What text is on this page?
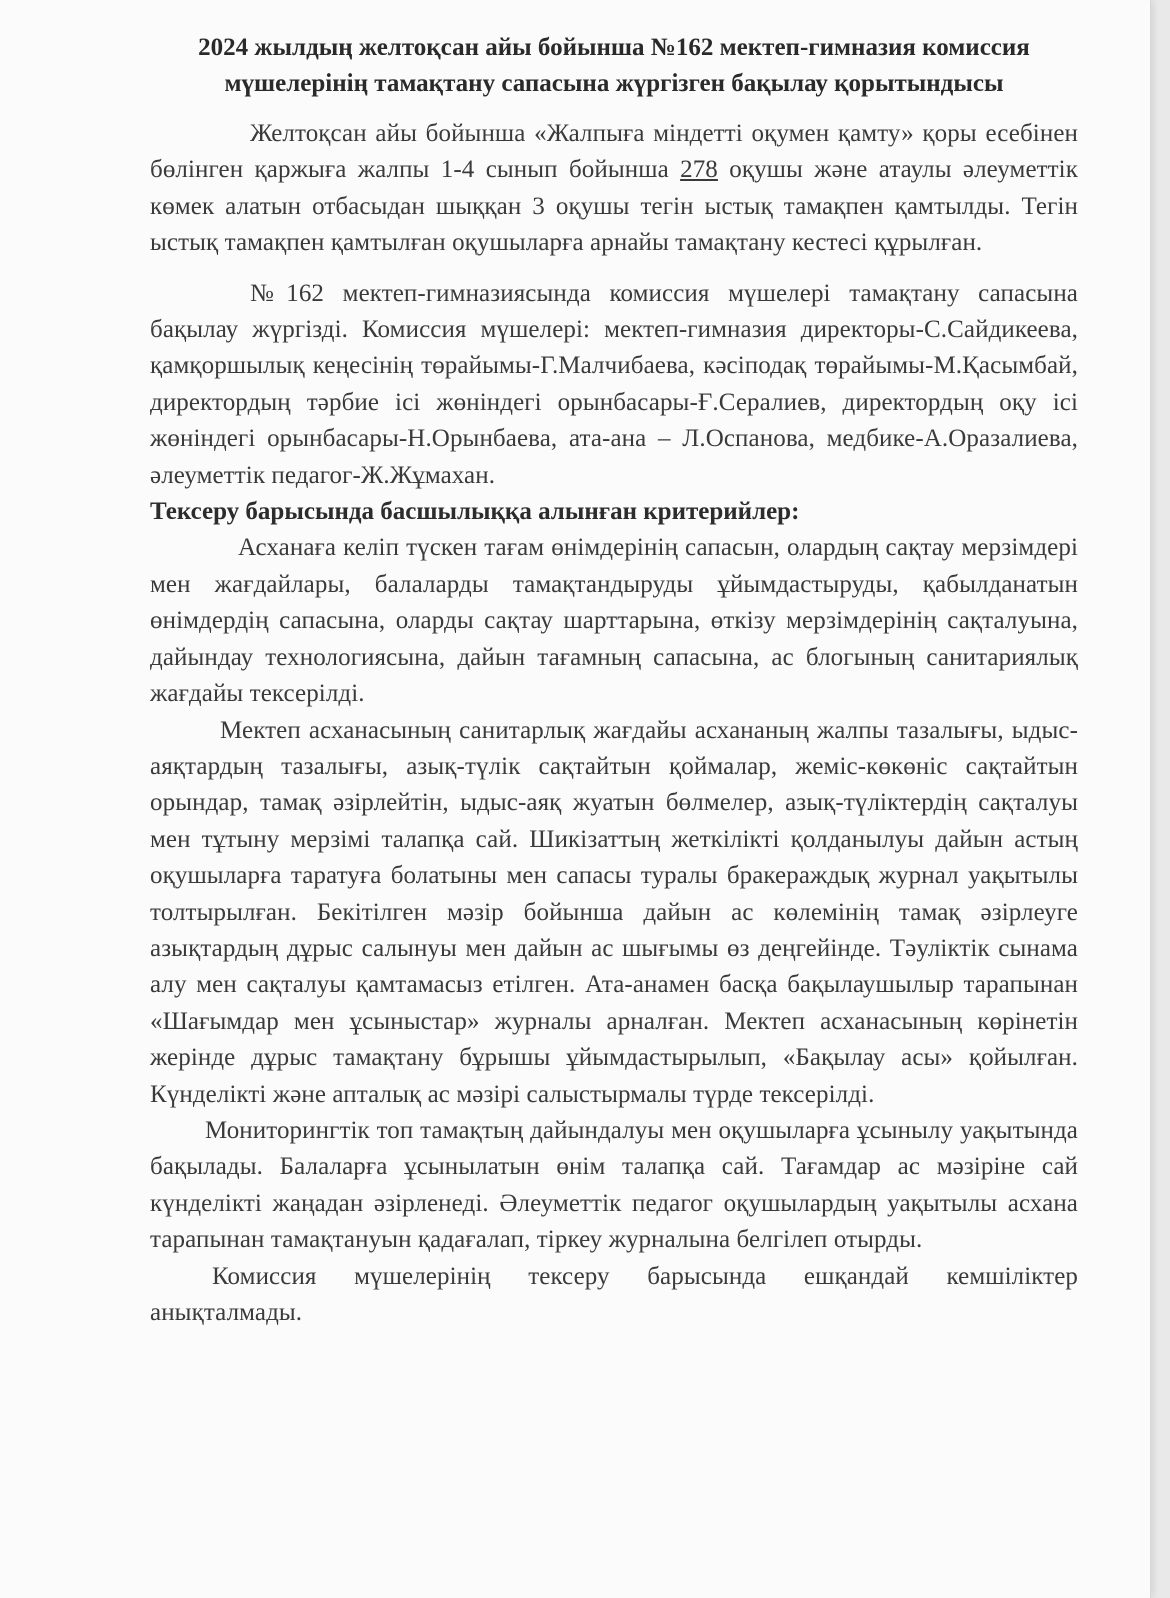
2024 жылдың желтоқсан айы бойынша №162 мектеп-гимназия комиссия
мүшелерінің тамақтану сапасына жүргізген бақылау қорытындысы

Желтоқсан айы бойынша «Жалпыға міндетті оқумен қамту» қоры есебінен бөлінген қаржыға жалпы 1-4 сынып бойынша 278 оқушы және атаулы әлеуметтік көмек алатын отбасыдан шыққан 3 оқушы тегін ыстық тамақпен қамтылды. Тегін ыстық тамақпен қамтылған оқушыларға арнайы тамақтану кестесі құрылған.

№162 мектеп-гимназиясында комиссия мүшелері тамақтану сапасына бақылау жүргізді. Комиссия мүшелері: мектеп-гимназия директоры-С.Сайдикеева, қамқоршылық кеңесінің төрайымы-Г.Малчибаева, кәсіподақ төрайымы-М.Қасымбай, директордың тәрбие ісі жөніндегі орынбасары-Ғ.Сералиев, директордың оқу ісі жөніндегі орынбасары-Н.Орынбаева, ата-ана – Л.Оспанова, медбике-А.Оразалиева, әлеуметтік педагог-Ж.Жұмахан.

Тексеру барысында басшылыққа алынған критерийлер:

Асханаға келіп түскен тағам өнімдерінің сапасын, олардың сақтау мерзімдері мен жағдайлары, балаларды тамақтандыруды ұйымдастыруды, қабылданатын өнімдердің сапасына, оларды сақтау шарттарына, өткізу мерзімдерінің сақталуына, дайындау технологиясына, дайын тағамның сапасына, ас блогының санитариялық жағдайы тексерілді.

Мектеп асханасының санитарлық жағдайы асхананың жалпы тазалығы, ыдыс-аяқтардың тазалығы, азық-түлік сақтайтын қоймалар, жеміс-көкөніс сақтайтын орындар, тамақ әзірлейтін, ыдыс-аяқ жуатын бөлмелер, азық-түліктердің сақталуы мен тұтыну мерзімі талапқа сай. Шикізаттың жеткілікті қолданылуы дайын астың оқушыларға таратуға болатыны мен сапасы туралы бракераждық журнал уақытылы толтырылған. Бекітілген мәзір бойынша дайын ас көлемінің тамақ әзірлеуге азықтардың дұрыс салынуы мен дайын ас шығымы өз деңгейінде. Тәуліктік сынама алу мен сақталуы қамтамасыз етілген. Ата-анамен басқа бақылаушылыр тарапынан «Шағымдар мен ұсыныстар» журналы арналған. Мектеп асханасының көрінетін жерінде дұрыс тамақтану бұрышы ұйымдастырылып, «Бақылау асы» қойылған. Күнделікті және апталық ас мәзірі салыстырмалы түрде тексерілді.

Мониторингтік топ тамақтың дайындалуы мен оқушыларға ұсынылу уақытында бақылады. Балаларға ұсынылатын өнім талапқа сай. Тағамдар ас мәзіріне сай күнделікті жаңадан әзірленеді. Әлеуметтік педагог оқушылардың уақытылы асхана тарапынан тамақтануын қадағалап, тіркеу журналына белгілеп отырды.

Комиссия мүшелерінің тексеру барысында ешқандай кемшіліктер анықталмады.
